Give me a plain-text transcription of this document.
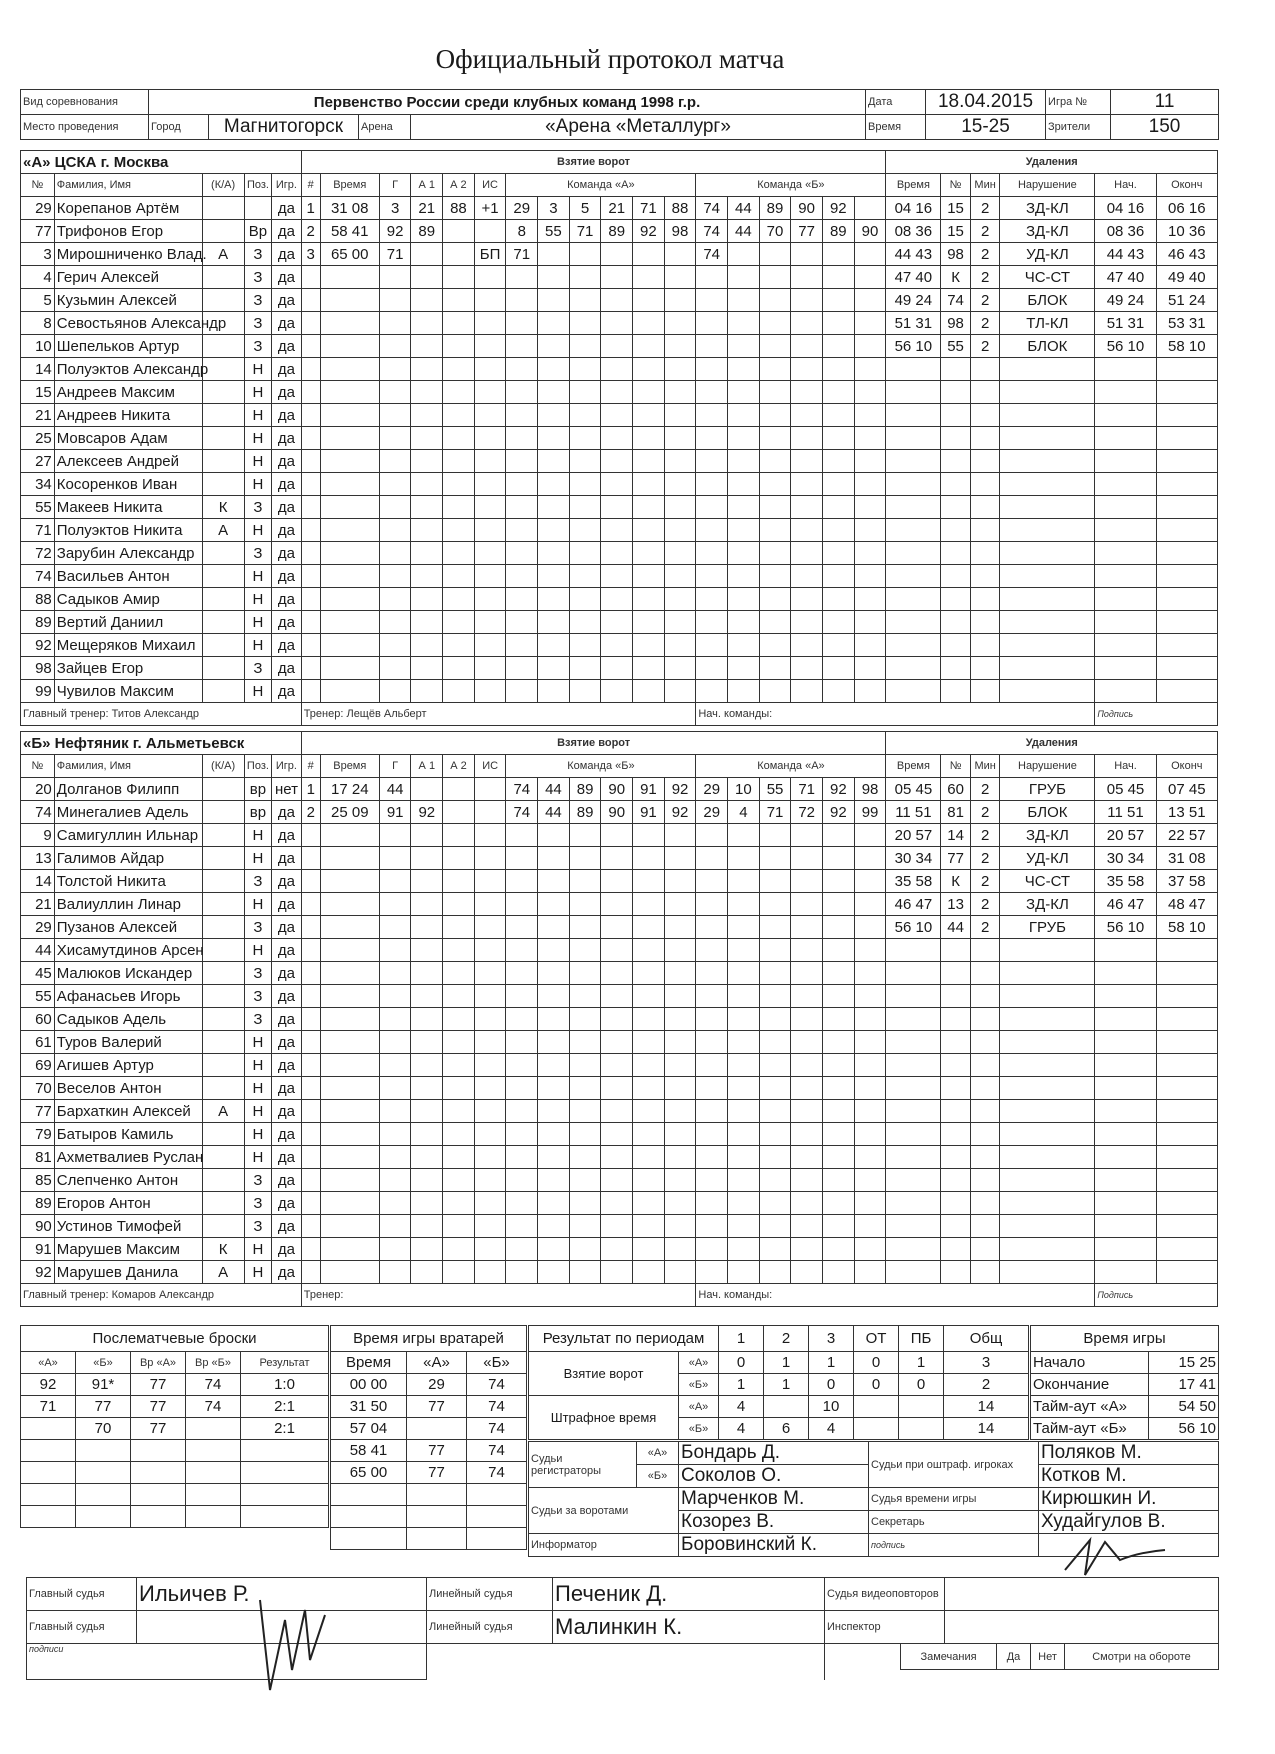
Официальный протокол матча
Вид соревнования	Первенство России среди клубных команд 1998 г.р.				Дата	18.04.2015	Игра №	11
Место проведения	Город	Магнитогорск	Арена	«Арена «Металлург»	Время	15-25	Зрители	150
«А» ЦСКА г. Москва					Взятие ворот																		Удаления					
№	Фамилия, Имя	(К/А)	Поз.	Игр.	#	Время	Г	А 1	А 2	ИС	Команда «А»						Команда «Б»						Время	№	Мин	Нарушение	Нач.	Оконч
29	Корепанов Артём			да	1	31 08	3	21	88	+1	29	3	5	21	71	88	74	44	89	90	92		04 16	15	2	ЗД-КЛ	04 16	06 16
77	Трифонов Егор		Вр	да	2	58 41	92	89			8	55	71	89	92	98	74	44	70	77	89	90	08 36	15	2	ЗД-КЛ	08 36	10 36
3	Мирошниченко Влад.	А	З	да	3	65 00	71			БП	71						74						44 43	98	2	УД-КЛ	44 43	46 43
4	Герич Алексей		З	да																			47 40	К	2	ЧС-СТ	47 40	49 40
5	Кузьмин Алексей		З	да																			49 24	74	2	БЛОК	49 24	51 24
8	Севостьянов Александр		З	да																			51 31	98	2	ТЛ-КЛ	51 31	53 31
10	Шепельков Артур		З	да																			56 10	55	2	БЛОК	56 10	58 10
14	Полуэктов Александр		Н	да																								
15	Андреев Максим		Н	да																								
21	Андреев Никита		Н	да																								
25	Мовсаров Адам		Н	да																								
27	Алексеев Андрей		Н	да																								
34	Косоренков Иван		Н	да																								
55	Макеев Никита	К	З	да																								
71	Полуэктов Никита	А	Н	да																								
72	Зарубин Александр		З	да																								
74	Васильев Антон		Н	да																								
88	Садыков Амир		Н	да																								
89	Вертий Даниил		Н	да																								
92	Мещеряков Михаил		Н	да																								
98	Зайцев Егор		З	да																								
99	Чувилов Максим		Н	да																								
Главный тренер: Титов Александр					Тренер: Лещёв Альберт												Нач. команды:										Подпись	
«Б» Нефтяник г. Альметьевск					Взятие ворот																		Удаления					
№	Фамилия, Имя	(К/А)	Поз.	Игр.	#	Время	Г	А 1	А 2	ИС	Команда «Б»						Команда «А»						Время	№	Мин	Нарушение	Нач.	Оконч
20	Долганов Филипп		вр	нет	1	17 24	44				74	44	89	90	91	92	29	10	55	71	92	98	05 45	60	2	ГРУБ	05 45	07 45
74	Минегалиев Адель		вр	да	2	25 09	91	92			74	44	89	90	91	92	29	4	71	72	92	99	11 51	81	2	БЛОК	11 51	13 51
9	Самигуллин Ильнар		Н	да																			20 57	14	2	ЗД-КЛ	20 57	22 57
13	Галимов Айдар		Н	да																			30 34	77	2	УД-КЛ	30 34	31 08
14	Толстой Никита		З	да																			35 58	К	2	ЧС-СТ	35 58	37 58
21	Валиуллин Линар		Н	да																			46 47	13	2	ЗД-КЛ	46 47	48 47
29	Пузанов Алексей		З	да																			56 10	44	2	ГРУБ	56 10	58 10
44	Хисамутдинов Арсен		Н	да																								
45	Малюков Искандер		З	да																								
55	Афанасьев Игорь		З	да																								
60	Садыков Адель		З	да																								
61	Туров Валерий		Н	да																								
69	Агишев Артур		Н	да																								
70	Веселов Антон		Н	да																								
77	Бархаткин Алексей	А	Н	да																								
79	Батыров Камиль		Н	да																								
81	Ахметвалиев Руслан		Н	да																								
85	Слепченко Антон		З	да																								
89	Егоров Антон		З	да																								
90	Устинов Тимофей		З	да																								
91	Марушев Максим	К	Н	да																								
92	Марушев Данила	А	Н	да																								
Главный тренер: Комаров Александр					Тренер:												Нач. команды:										Подпись	
Послематчевые броски				
«А»	«Б»	Вр «А»	Вр «Б»	Результат
92	91*	77	74	1:0
71	77	77	74	2:1
	70	77		2:1

Время игры вратарей		
Время	«А»	«Б»
00 00	29	74
31 50	77	74
57 04		74
58 41	77	74
65 00	77	74

Результат по периодам		1	2	3	ОТ	ПБ	Общ
Взятие ворот	«А»	0	1	1	0	1	3
	«Б»	1	1	0	0	0	2
Штрафное время	«А»	4		10			14
	«Б»	4	6	4			14
Время игры	
Начало	15 25
Окончание	17 41
Тайм-аут «А»	54 50
Тайм-аут «Б»	56 10
Судьи регистраторы	«А»	Бондарь Д.	Судьи при оштраф. игроках	Поляков М.
	«Б»	Соколов О.		Котков М.
Судьи за воротами		Марченков М.	Судья времени игры	Кирюшкин И.
		Козорез В.	Секретарь	Худайгулов В.
Информатор		Боровинский К.	подпись	
Главный судья	Ильичев Р.	Линейный судья	Печеник Д.	Судья видеоповторов	
Главный судья		Линейный судья	Малинкин К.	Инспектор	
подписи					
Замечания	Да	Нет	Смотри на обороте
